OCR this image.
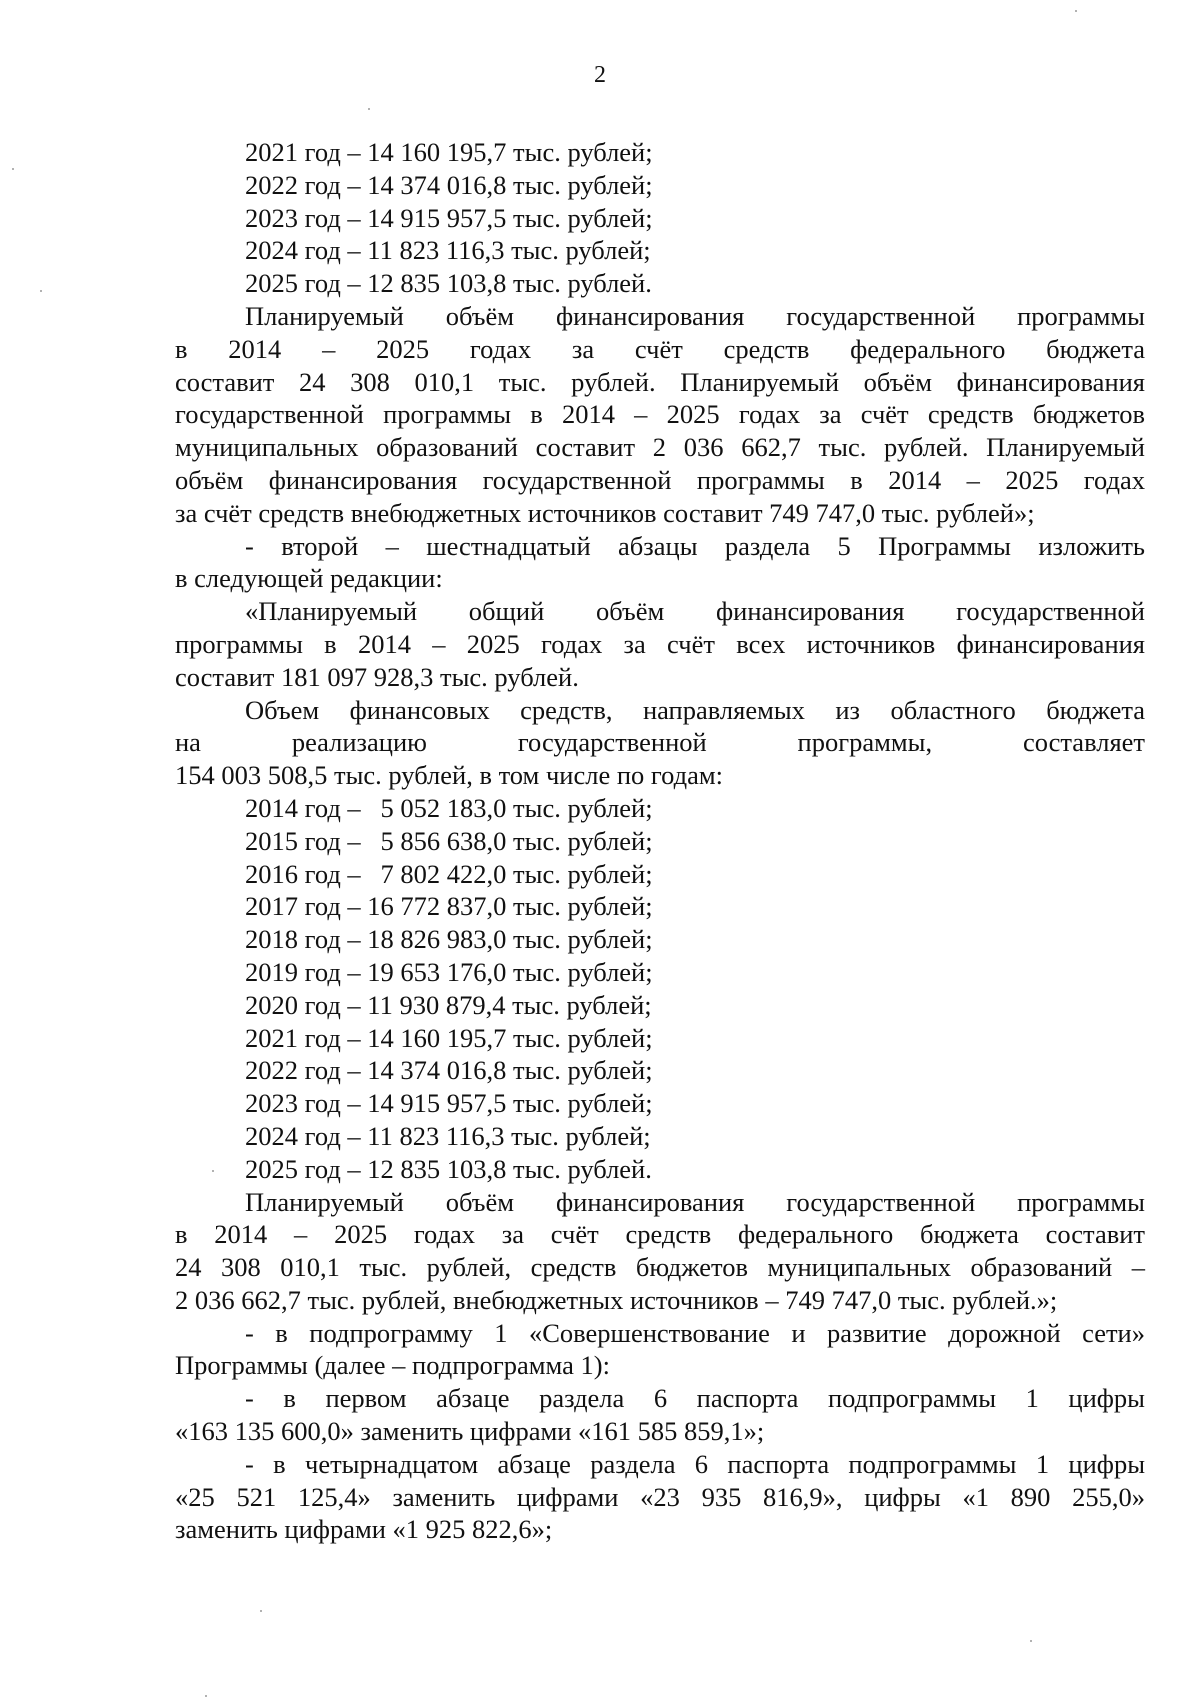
2
2021 год – 14 160 195,7 тыс. рублей;
2022 год – 14 374 016,8 тыс. рублей;
2023 год – 14 915 957,5 тыс. рублей;
2024 год – 11 823 116,3 тыс. рублей;
2025 год – 12 835 103,8 тыс. рублей.
Планируемый объём финансирования государственной программы
в 2014 – 2025 годах за счёт средств федерального бюджета
составит 24 308 010,1 тыс. рублей. Планируемый объём финансирования
государственной программы в 2014 – 2025 годах за счёт средств бюджетов
муниципальных образований составит 2 036 662,7 тыс. рублей. Планируемый
объём финансирования государственной программы в 2014 – 2025 годах
за счёт средств внебюджетных источников составит 749 747,0 тыс. рублей»;
- второй – шестнадцатый абзацы раздела 5 Программы изложить
в следующей редакции:
«Планируемый общий объём финансирования государственной
программы в 2014 – 2025 годах за счёт всех источников финансирования
составит 181 097 928,3 тыс. рублей.
Объем финансовых средств, направляемых из областного бюджета
на реализацию государственной программы, составляет
154 003 508,5 тыс. рублей, в том числе по годам:
2014 год –   5 052 183,0 тыс. рублей;
2015 год –   5 856 638,0 тыс. рублей;
2016 год –   7 802 422,0 тыс. рублей;
2017 год – 16 772 837,0 тыс. рублей;
2018 год – 18 826 983,0 тыс. рублей;
2019 год – 19 653 176,0 тыс. рублей;
2020 год – 11 930 879,4 тыс. рублей;
2021 год – 14 160 195,7 тыс. рублей;
2022 год – 14 374 016,8 тыс. рублей;
2023 год – 14 915 957,5 тыс. рублей;
2024 год – 11 823 116,3 тыс. рублей;
2025 год – 12 835 103,8 тыс. рублей.
Планируемый объём финансирования государственной программы
в 2014 – 2025 годах за счёт средств федерального бюджета составит
24 308 010,1 тыс. рублей, средств бюджетов муниципальных образований –
2 036 662,7 тыс. рублей, внебюджетных источников – 749 747,0 тыс. рублей.»;
- в подпрограмму 1 «Совершенствование и развитие дорожной сети»
Программы (далее – подпрограмма 1):
- в первом абзаце раздела 6 паспорта подпрограммы 1 цифры
«163 135 600,0» заменить цифрами «161 585 859,1»;
- в четырнадцатом абзаце раздела 6 паспорта подпрограммы 1 цифры
«25 521 125,4» заменить цифрами «23 935 816,9», цифры «1 890 255,0»
заменить цифрами «1 925 822,6»;
